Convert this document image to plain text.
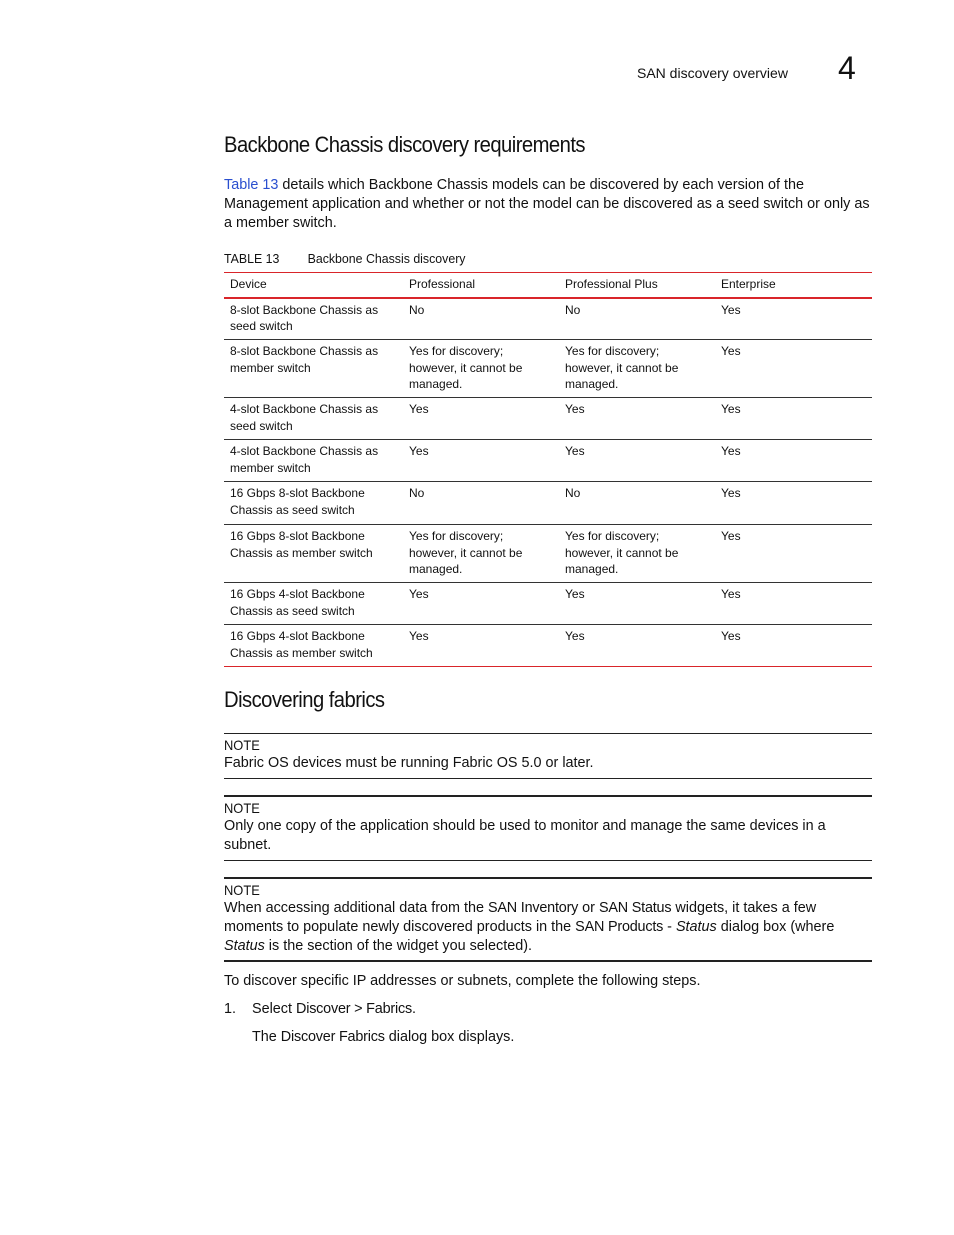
SAN discovery overview 4
Backbone Chassis discovery requirements

Table 13 details which Backbone Chassis models can be discovered by each version of the Management application and whether or not the model can be discovered as a seed switch or only as a member switch.

TABLE 13	Backbone Chassis discovery
Device	Professional	Professional Plus	Enterprise
8-slot Backbone Chassis as seed switch	No	No	Yes
8-slot Backbone Chassis as member switch	Yes for discovery; however, it cannot be managed.	Yes for discovery; however, it cannot be managed.	Yes
4-slot Backbone Chassis as seed switch	Yes	Yes	Yes
4-slot Backbone Chassis as member switch	Yes	Yes	Yes
16 Gbps 8-slot Backbone Chassis as seed switch	No	No	Yes
16 Gbps 8-slot Backbone Chassis as member switch	Yes for discovery; however, it cannot be managed.	Yes for discovery; however, it cannot be managed.	Yes
16 Gbps 4-slot Backbone Chassis as seed switch	Yes	Yes	Yes
16 Gbps 4-slot Backbone Chassis as member switch	Yes	Yes	Yes
Discovering fabrics
NOTE

Fabric OS devices must be running Fabric OS 5.0 or later.

NOTE

Only one copy of the application should be used to monitor and manage the same devices in a subnet.

NOTE

When accessing additional data from the SAN Inventory or SAN Status widgets, it takes a few moments to populate newly discovered products in the SAN Products - Status dialog box (where Status is the section of the widget you selected).

To discover specific IP addresses or subnets, complete the following steps.

1.	Select Discover > Fabrics.
The Discover Fabrics dialog box displays.
